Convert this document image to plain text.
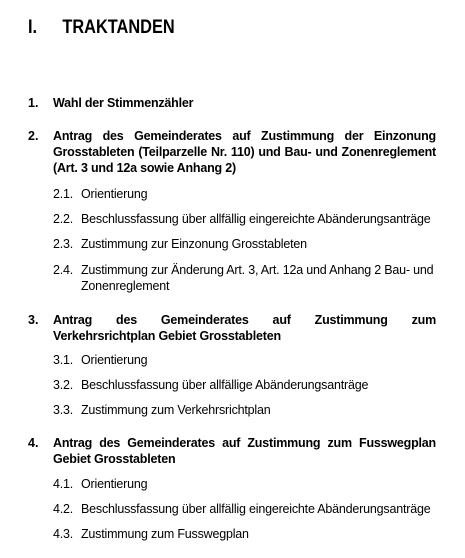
I. TRAKTANDEN
1. Wahl der Stimmenzähler
2. Antrag des Gemeinderates auf Zustimmung der Einzonung Grosstableten (Teilparzelle Nr. 110) und Bau- und Zonenreglement (Art. 3 und 12a sowie Anhang 2)
2.1. Orientierung
2.2. Beschlussfassung über allfällig eingereichte Abänderungsanträge
2.3. Zustimmung zur Einzonung Grosstableten
2.4. Zustimmung zur Änderung Art. 3, Art. 12a und Anhang 2 Bau- und Zonenreglement
3. Antrag des Gemeinderates auf Zustimmung zum Verkehrsrichtplan Gebiet Grosstableten
3.1. Orientierung
3.2. Beschlussfassung über allfällige Abänderungsanträge
3.3. Zustimmung zum Verkehrsrichtplan
4. Antrag des Gemeinderates auf Zustimmung zum Fusswegplan Gebiet Grosstableten
4.1. Orientierung
4.2. Beschlussfassung über allfällig eingereichte Abänderungsanträge
4.3. Zustimmung zum Fusswegplan
